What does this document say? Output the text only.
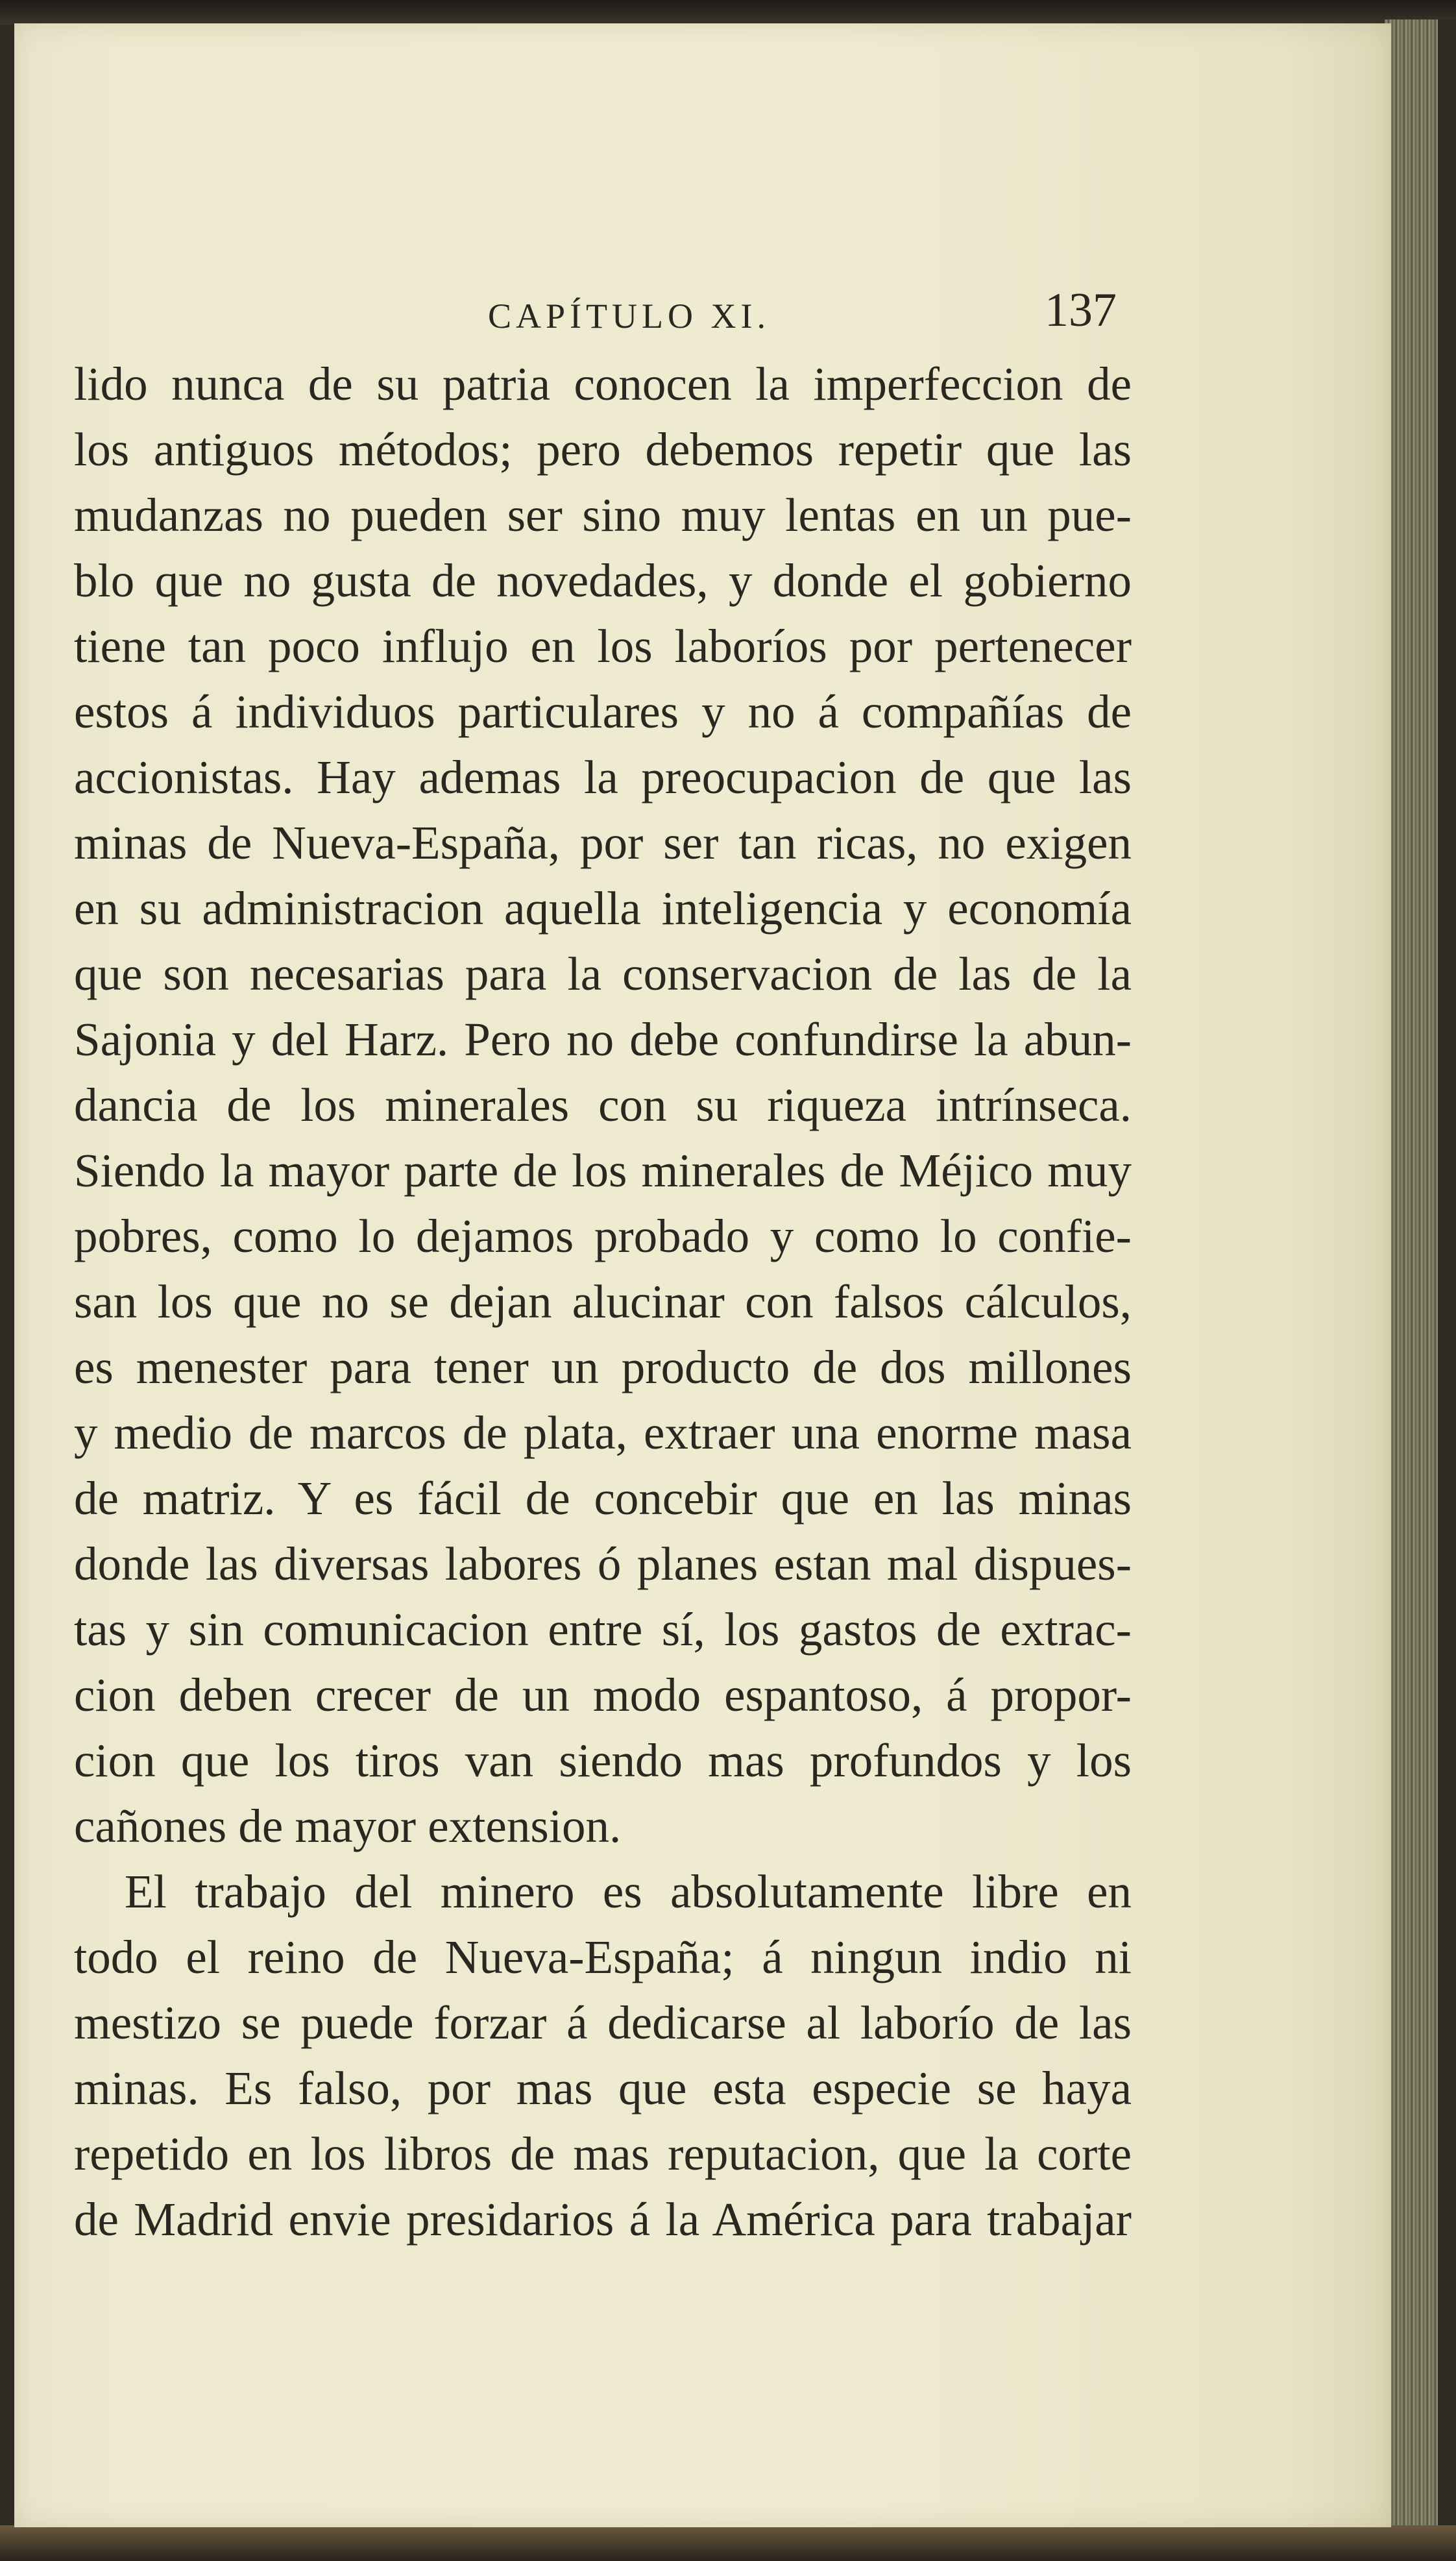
CAPÍTULO XI.	137
lido nunca de su patria conocen la imperfeccion de
los antiguos métodos; pero debemos repetir que las
mudanzas no pueden ser sino muy lentas en un pue-
blo que no gusta de novedades, y donde el gobierno
tiene tan poco influjo en los laboríos por pertenecer
estos á individuos particulares y no á compañías de
accionistas. Hay ademas la preocupacion de que las
minas de Nueva-España, por ser tan ricas, no exigen
en su administracion aquella inteligencia y economía
que son necesarias para la conservacion de las de la
Sajonia y del Harz. Pero no debe confundirse la abun-
dancia de los minerales con su riqueza intrínseca.
Siendo la mayor parte de los minerales de Méjico muy
pobres, como lo dejamos probado y como lo confie-
san los que no se dejan alucinar con falsos cálculos,
es menester para tener un producto de dos millones
y medio de marcos de plata, extraer una enorme masa
de matriz. Y es fácil de concebir que en las minas
donde las diversas labores ó planes estan mal dispues-
tas y sin comunicacion entre sí, los gastos de extrac-
cion deben crecer de un modo espantoso, á propor-
cion que los tiros van siendo mas profundos y los
cañones de mayor extension.
El trabajo del minero es absolutamente libre en
todo el reino de Nueva-España; á ningun indio ni
mestizo se puede forzar á dedicarse al laborío de las
minas. Es falso, por mas que esta especie se haya
repetido en los libros de mas reputacion, que la corte
de Madrid envie presidarios á la América para trabajar
